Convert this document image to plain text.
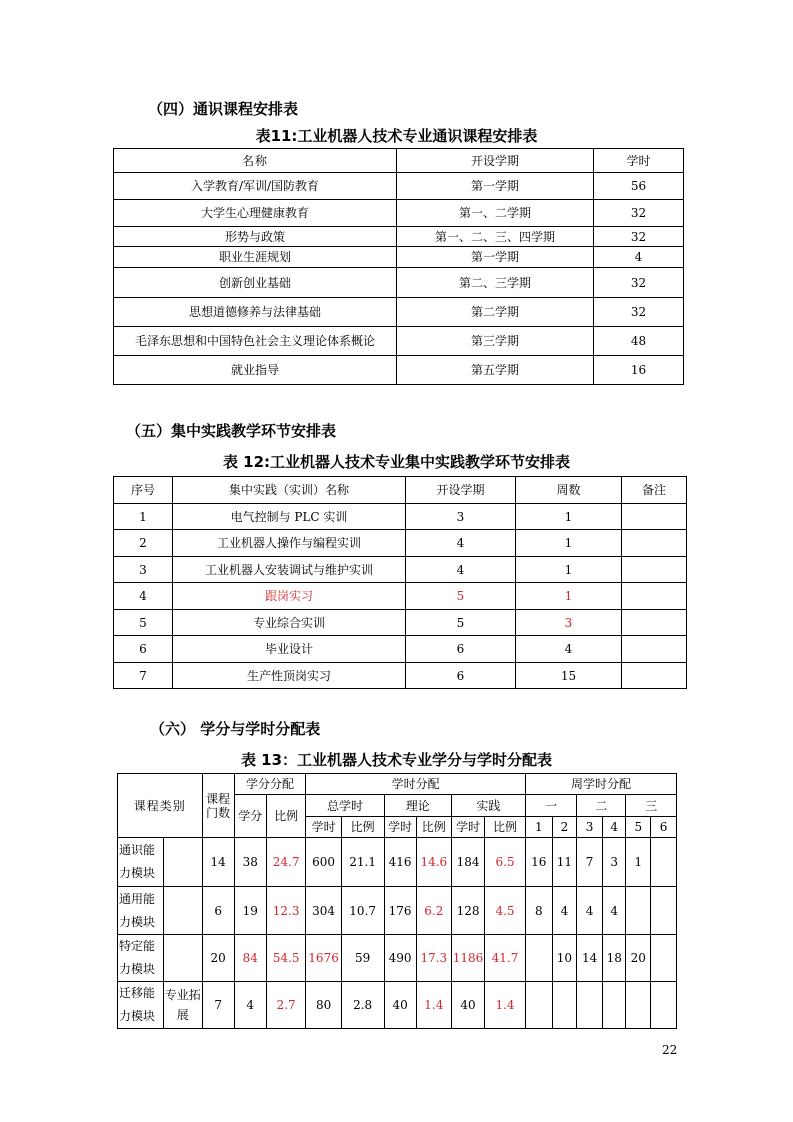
（四）通识课程安排表
表11:工业机器人技术专业通识课程安排表
名称	开设学期	学时
入学教育/军训/国防教育	第一学期	56
大学生心理健康教育	第一、二学期	32
形势与政策	第一、二、三、四学期	32
职业生涯规划	第一学期	4
创新创业基础	第二、三学期	32
思想道德修养与法律基础	第二学期	32
毛泽东思想和中国特色社会主义理论体系概论	第三学期	48
就业指导	第五学期	16
（五）集中实践教学环节安排表
表 12:工业机器人技术专业集中实践教学环节安排表
序号	集中实践（实训）名称	开设学期	周数	备注
1	电气控制与 PLC 实训	3	1	
2	工业机器人操作与编程实训	4	1	
3	工业机器人安装调试与维护实训	4	1	
4	跟岗实习	5	1	
5	专业综合实训	5	3	
6	毕业设计	6	4	
7	生产性顶岗实习	6	15	
（六） 学分与学时分配表
表 13：工业机器人技术专业学分与学时分配表
课程类别		课程门数	学分分配		学时分配						周学时分配					
			学分	比例	总学时		理论		实践		一		二		三	
					学时	比例	学时	比例	学时	比例	1	2	3	4	5	6
通识能力模块		14	38	24.7	600	21.1	416	14.6	184	6.5	16	11	7	3	1	
通用能力模块		6	19	12.3	304	10.7	176	6.2	128	4.5	8	4	4	4		
特定能力模块		20	84	54.5	1676	59	490	17.3	1186	41.7		10	14	18	20	
迁移能力模块	专业拓展	7	4	2.7	80	2.8	40	1.4	40	1.4						
22
